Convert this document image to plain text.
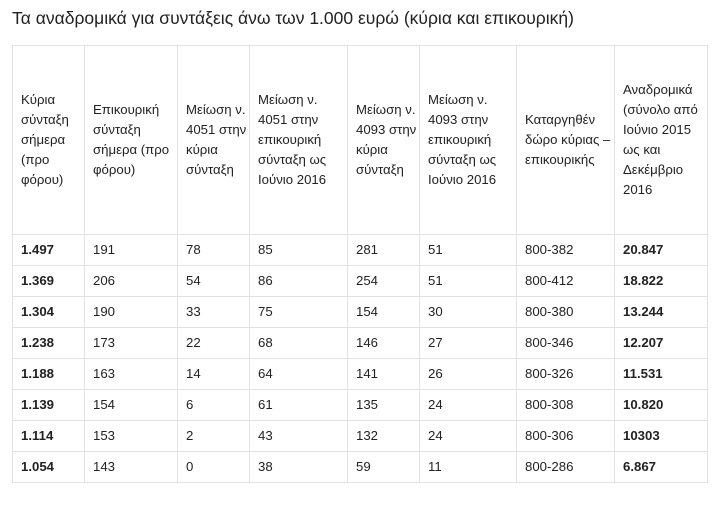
Τα αναδρομικά για συντάξεις άνω των 1.000 ευρώ (κύρια και επικουρική)
Κύρια σύνταξη σήμερα (προ φόρου)	Επικουρική σύνταξη σήμερα (προ φόρου)	Μείωση ν. 4051 στην κύρια σύνταξη	Μείωση ν. 4051 στην επικουρική σύνταξη ως Ιούνιο 2016	Μείωση ν. 4093 στην κύρια σύνταξη	Μείωση ν. 4093 στην επικουρική σύνταξη ως Ιούνιο 2016	Καταργηθέν δώρο κύριας – επικουρικής	Αναδρομικά (σύνολο από Ιούνιο 2015 ως και Δεκέμβριο 2016
1.497	191	78	85	281	51	800-382	20.847
1.369	206	54	86	254	51	800-412	18.822
1.304	190	33	75	154	30	800-380	13.244
1.238	173	22	68	146	27	800-346	12.207
1.188	163	14	64	141	26	800-326	11.531
1.139	154	6	61	135	24	800-308	10.820
1.114	153	2	43	132	24	800-306	10303
1.054	143	0	38	59	11	800-286	6.867
